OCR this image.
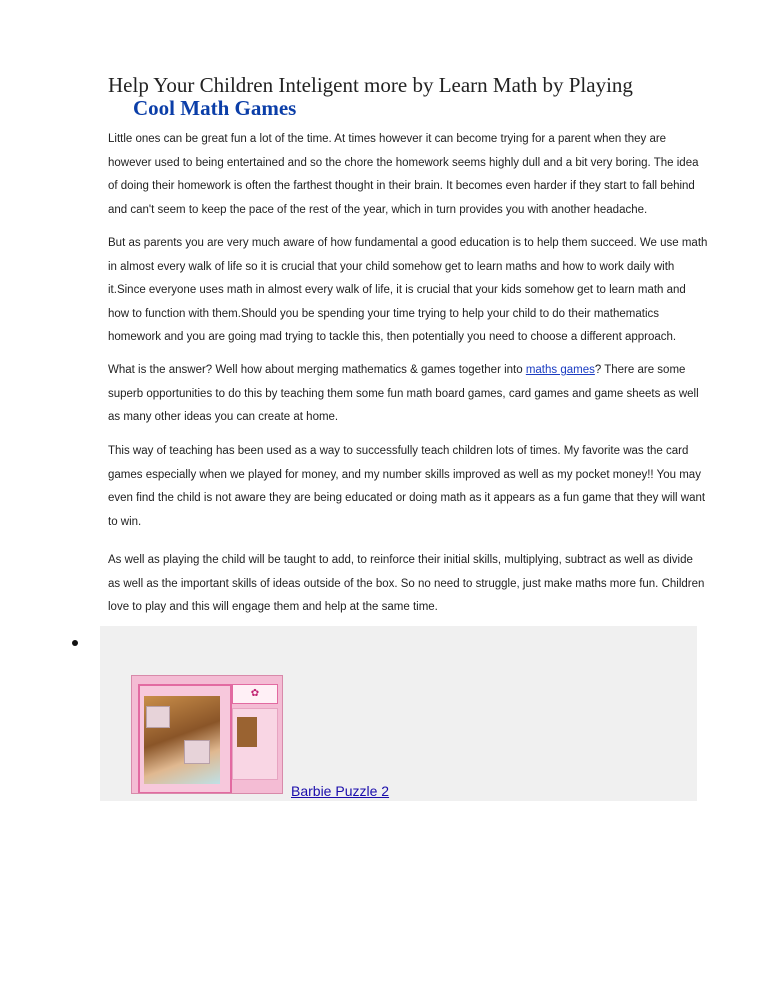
Help Your Children Inteligent more by Learn Math by Playing
Cool Math Games

Little ones can be great fun a lot of the time. At times however it can become trying for a parent when they are however used to being entertained and so the chore the homework seems highly dull and a bit very boring. The idea of doing their homework is often the farthest thought in their brain. It becomes even harder if they start to fall behind and can't seem to keep the pace of the rest of the year, which in turn provides you with another headache.

But as parents you are very much aware of how fundamental a good education is to help them succeed. We use math in almost every walk of life so it is crucial that your child somehow get to learn maths and how to work daily with it.Since everyone uses math in almost every walk of life, it is crucial that your kids somehow get to learn math and how to function with them.Should you be spending your time trying to help your child to do their mathematics homework and you are going mad trying to tackle this, then potentially you need to choose a different approach.

What is the answer? Well how about merging mathematics & games together into maths games? There are some superb opportunities to do this by teaching them some fun math board games, card games and game sheets as well as many other ideas you can create at home.

This way of teaching has been used as a way to successfully teach children lots of times. My favorite was the card games especially when we played for money, and my number skills improved as well as my pocket money!! You may even find the child is not aware they are being educated or doing math as it appears as a fun game that they will want to win.

As well as playing the child will be taught to add, to reinforce their initial skills, multiplying, subtract as well as divide as well as the important skills of ideas outside of the box. So no need to struggle, just make maths more fun. Children love to play and this will engage them and help at the same time.

✿
Barbie Puzzle 2
